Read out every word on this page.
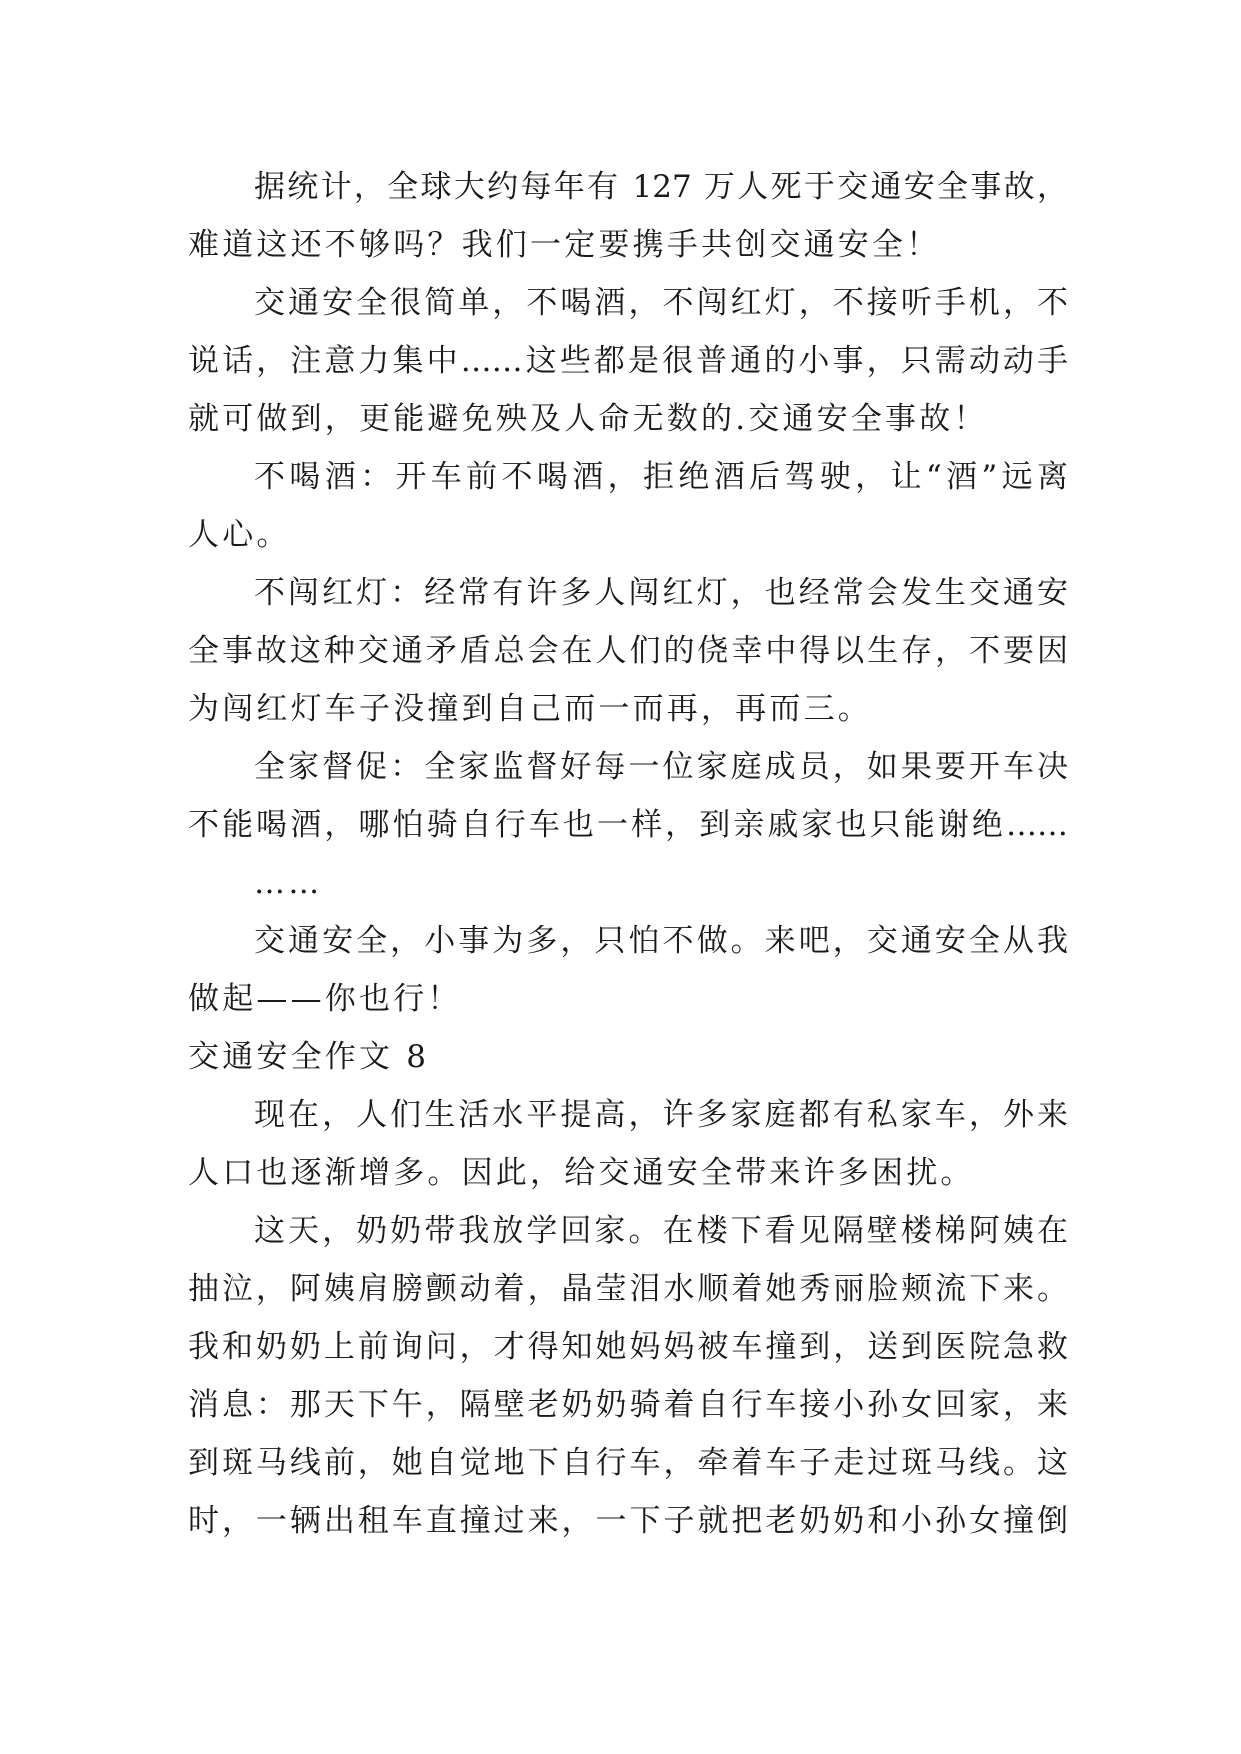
据统计，全球大约每年有 127 万人死于交通安全事故，
难道这还不够吗？我们一定要携手共创交通安全！
交通安全很简单，不喝酒，不闯红灯，不接听手机，不
说话，注意力集中……这些都是很普通的小事，只需动动手
就可做到，更能避免殃及人命无数的.交通安全事故！
不喝酒：开车前不喝酒，拒绝酒后驾驶，让“酒”远离
人心。
不闯红灯：经常有许多人闯红灯，也经常会发生交通安
全事故这种交通矛盾总会在人们的侥幸中得以生存，不要因
为闯红灯车子没撞到自己而一而再，再而三。
全家督促：全家监督好每一位家庭成员，如果要开车决
不能喝酒，哪怕骑自行车也一样，到亲戚家也只能谢绝……
……
交通安全，小事为多，只怕不做。来吧，交通安全从我
做起——你也行！
交通安全作文 8
现在，人们生活水平提高，许多家庭都有私家车，外来
人口也逐渐增多。因此，给交通安全带来许多困扰。
这天，奶奶带我放学回家。在楼下看见隔壁楼梯阿姨在
抽泣，阿姨肩膀颤动着，晶莹泪水顺着她秀丽脸颊流下来。
我和奶奶上前询问，才得知她妈妈被车撞到，送到医院急救
消息：那天下午，隔壁老奶奶骑着自行车接小孙女回家，来
到斑马线前，她自觉地下自行车，牵着车子走过斑马线。这
时，一辆出租车直撞过来，一下子就把老奶奶和小孙女撞倒
